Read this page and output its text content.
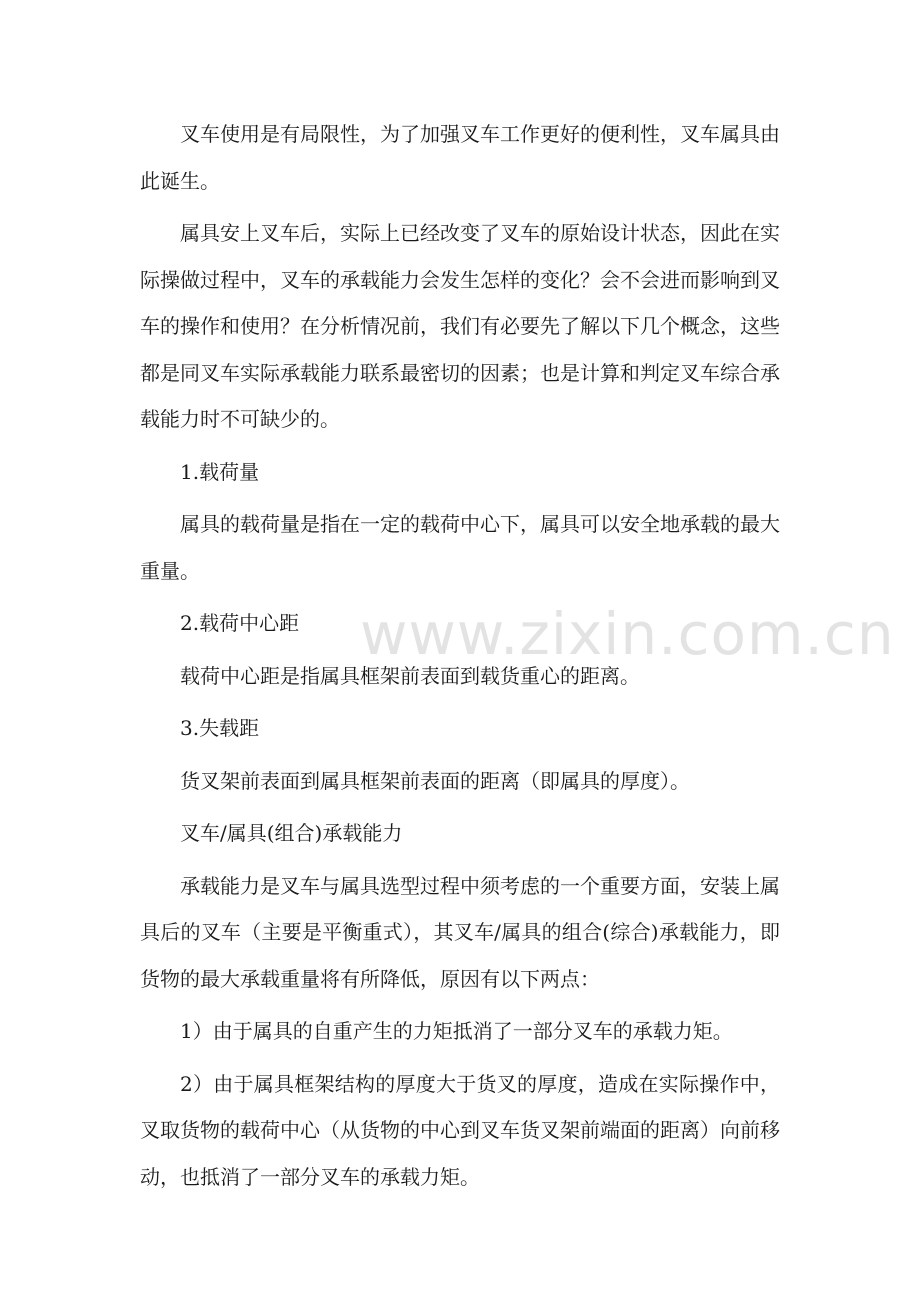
叉车使用是有局限性，为了加强叉车工作更好的便利性，叉车属具由此诞生。

属具安上叉车后，实际上已经改变了叉车的原始设计状态，因此在实际操做过程中，叉车的承载能力会发生怎样的变化？会不会进而影响到叉车的操作和使用？在分析情况前，我们有必要先了解以下几个概念，这些都是同叉车实际承载能力联系最密切的因素；也是计算和判定叉车综合承载能力时不可缺少的。

1.载荷量

属具的载荷量是指在一定的载荷中心下，属具可以安全地承载的最大重量。

2.载荷中心距

载荷中心距是指属具框架前表面到载货重心的距离。

3.失载距

货叉架前表面到属具框架前表面的距离（即属具的厚度）。

叉车/属具(组合)承载能力

承载能力是叉车与属具选型过程中须考虑的一个重要方面，安装上属具后的叉车（主要是平衡重式），其叉车/属具的组合(综合)承载能力，即货物的最大承载重量将有所降低，原因有以下两点：

1）由于属具的自重产生的力矩抵消了一部分叉车的承载力矩。

2）由于属具框架结构的厚度大于货叉的厚度，造成在实际操作中，叉取货物的载荷中心（从货物的中心到叉车货叉架前端面的距离）向前移动，也抵消了一部分叉车的承载力矩。

www.zixin.com.cn
